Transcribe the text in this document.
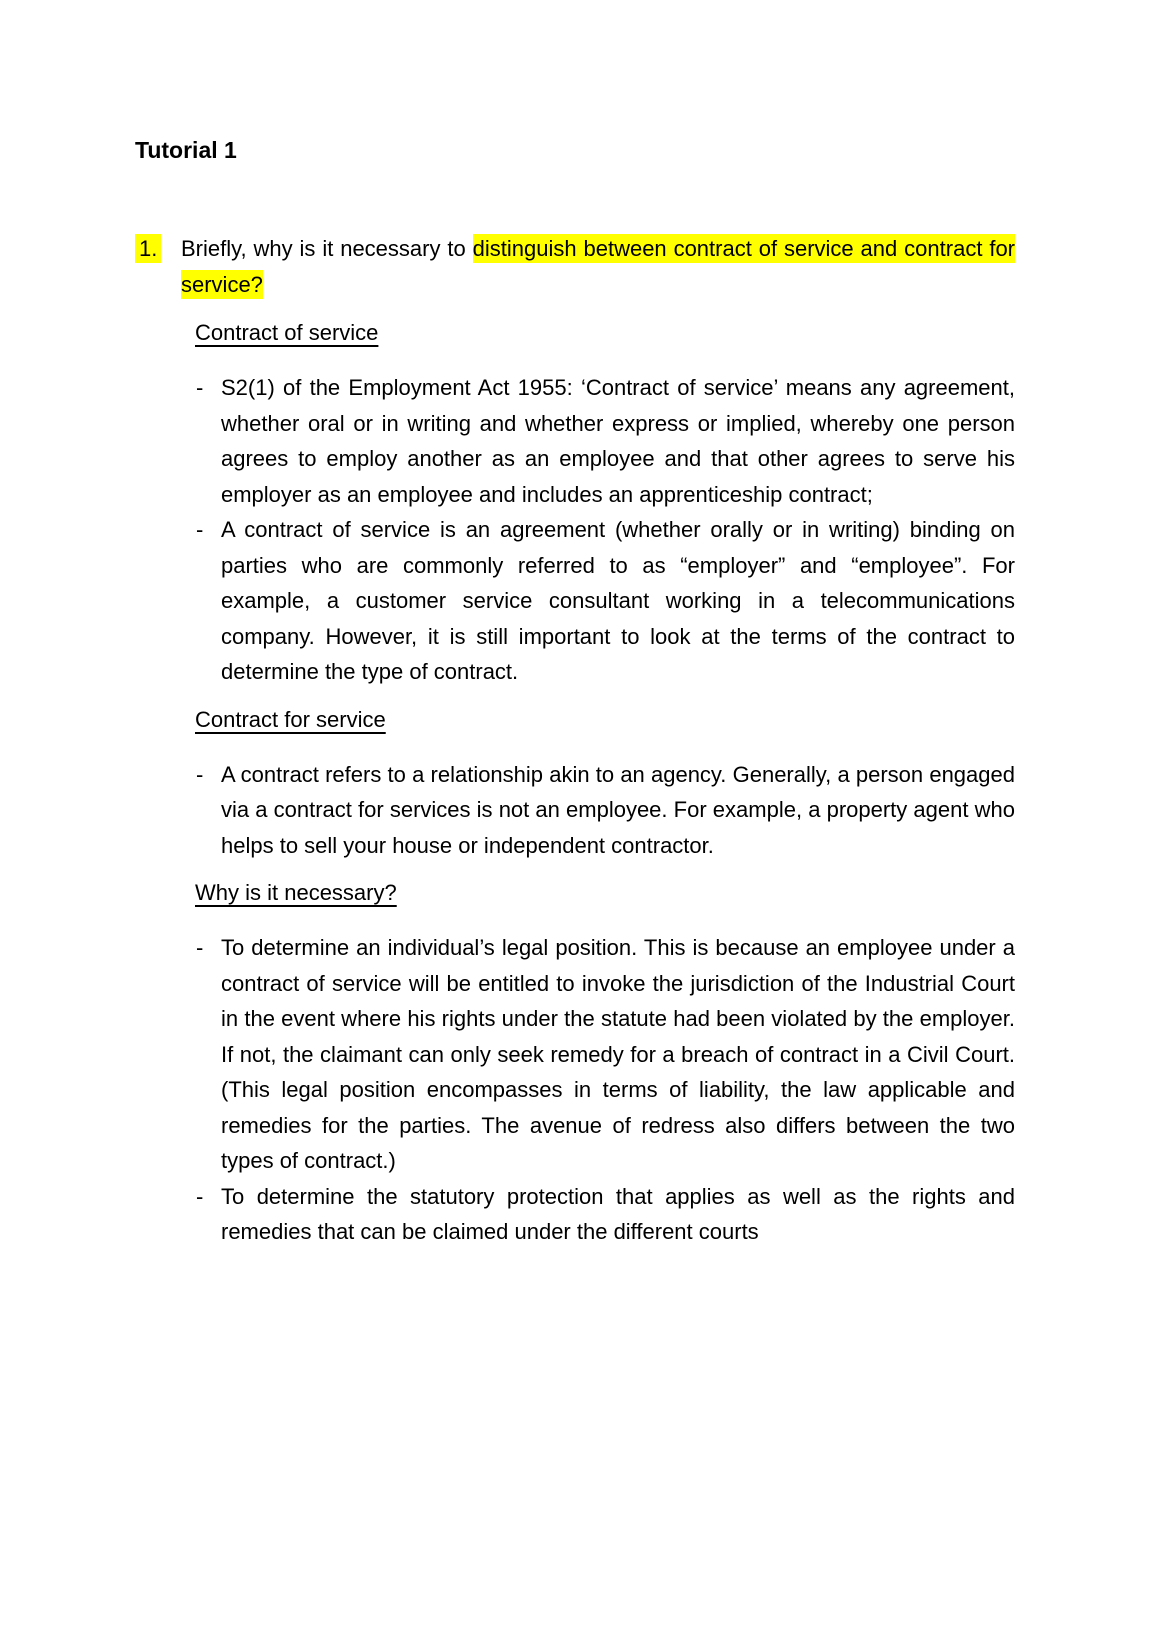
Tutorial 1
1.	Briefly, why is it necessary to distinguish between contract of service and contract for service?
Contract of service
- S2(1) of the Employment Act 1955: ‘Contract of service’ means any agreement, whether oral or in writing and whether express or implied, whereby one person agrees to employ another as an employee and that other agrees to serve his employer as an employee and includes an apprenticeship contract;
- A contract of service is an agreement (whether orally or in writing) binding on parties who are commonly referred to as “employer” and “employee”. For example, a customer service consultant working in a telecommunications company. However, it is still important to look at the terms of the contract to determine the type of contract.
Contract for service
- A contract refers to a relationship akin to an agency. Generally, a person engaged via a contract for services is not an employee. For example, a property agent who helps to sell your house or independent contractor.
Why is it necessary?
- To determine an individual’s legal position. This is because an employee under a contract of service will be entitled to invoke the jurisdiction of the Industrial Court in the event where his rights under the statute had been violated by the employer. If not, the claimant can only seek remedy for a breach of contract in a Civil Court. (This legal position encompasses in terms of liability, the law applicable and remedies for the parties. The avenue of redress also differs between the two types of contract.)
- To determine the statutory protection that applies as well as the rights and remedies that can be claimed under the different courts
